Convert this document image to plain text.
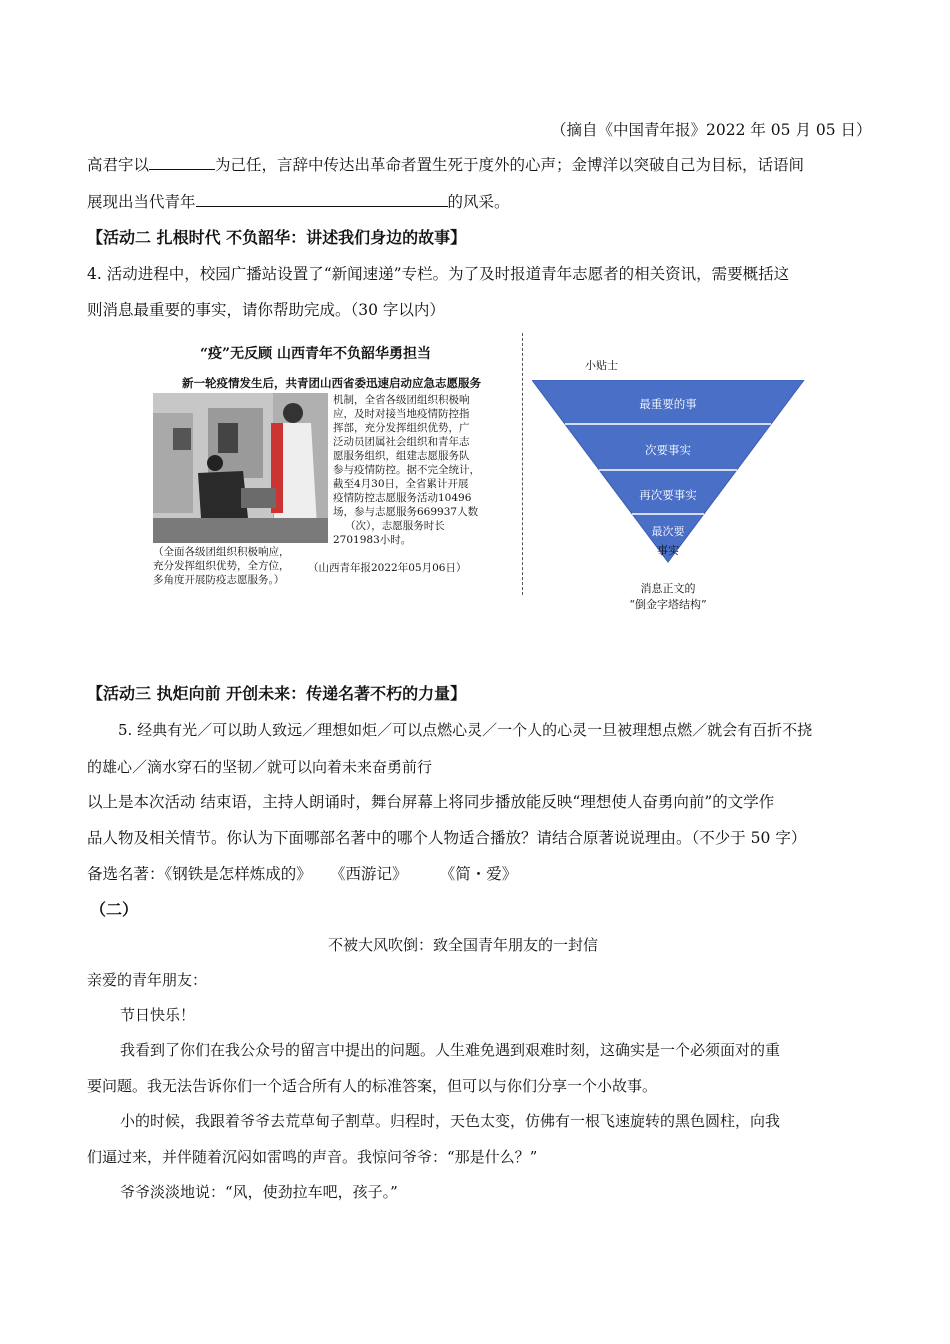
（摘自《中国青年报》2022 年 05 月 05 日）
高君宇以	为己任，言辞中传达出革命者置生死于度外的心声；金博洋以突破自己为目标，话语间
展现出当代青年	的风采。
【活动二 扎根时代 不负韶华：讲述我们身边的故事】
4. 活动进程中，校园广播站设置了“新闻速递”专栏。为了及时报道青年志愿者的相关资讯，需要概括这
则消息最重要的事实，请你帮助完成。（30 字以内）
“疫”无反顾 山西青年不负韶华勇担当
新一轮疫情发生后，共青团山西省委迅速启动应急志愿服务
机制，全省各级团组织积极响
应，及时对接当地疫情防控指
挥部，充分发挥组织优势，广
泛动员团属社会组织和青年志
愿服务组织，组建志愿服务队
参与疫情防控。据不完全统计，
截至4月30日，全省累计开展
疫情防控志愿服务活动10496
场，参与志愿服务669937人数
（次），志愿服务时长
2701983小时。
（山西青年报2022年05月06日）
（全面各级团组织积极响应，
充分发挥组织优势，全方位，
多角度开展防疫志愿服务。）
小贴士
最重要的事
次要事实
再次要事实
最次要
事实
消息正文的
“倒金字塔结构”
【活动三 执炬向前 开创未来：传递名著不朽的力量】
5. 经典有光／可以助人致远／理想如炬／可以点燃心灵／一个人的心灵一旦被理想点燃／就会有百折不挠
的雄心／滴水穿石的坚韧／就可以向着未来奋勇前行
以上是本次活动 结束语，主持人朗诵时，舞台屏幕上将同步播放能反映“理想使人奋勇向前”的文学作
品人物及相关情节。你认为下面哪部名著中的哪个人物适合播放？请结合原著说说理由。（不少于 50 字）
备选名著：《钢铁是怎样炼成的》 《西游记》	《简・爱》
（二）
不被大风吹倒：致全国青年朋友的一封信
亲爱的青年朋友：
节日快乐！
我看到了你们在我公众号的留言中提出的问题。人生难免遇到艰难时刻，这确实是一个必须面对的重
要问题。我无法告诉你们一个适合所有人的标准答案，但可以与你们分享一个小故事。
小的时候，我跟着爷爷去荒草甸子割草。归程时，天色太变，仿佛有一根飞速旋转的黑色圆柱，向我
们逼过来，并伴随着沉闷如雷鸣的声音。我惊问爷爷：“那是什么？”
爷爷淡淡地说：“风，使劲拉车吧，孩子。”
